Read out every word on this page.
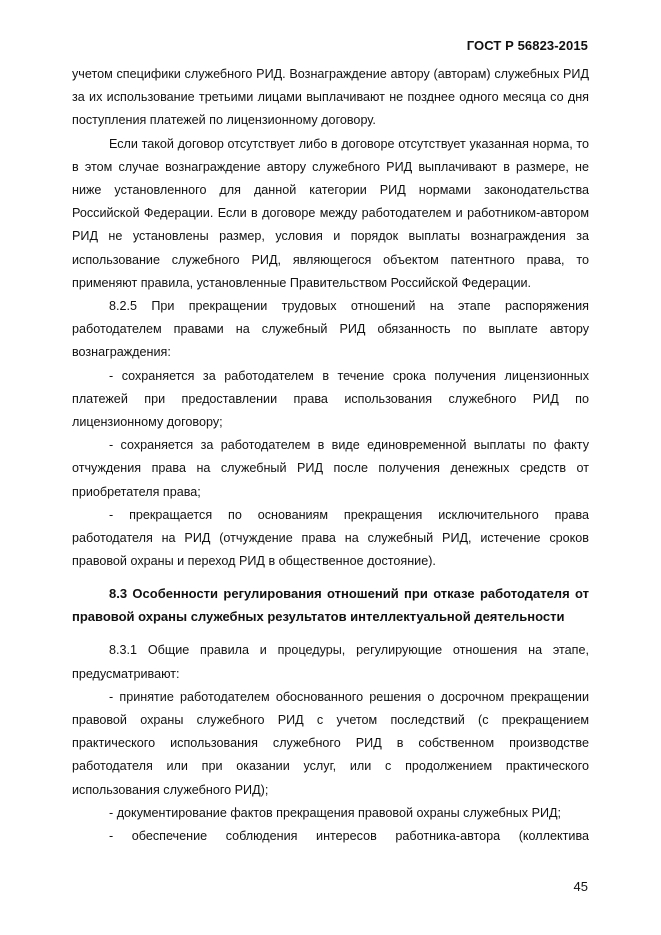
ГОСТ Р 56823-2015

учетом специфики служебного РИД. Вознаграждение автору (авторам) служебных РИД за их использование третьими лицами выплачивают не позднее одного месяца со дня поступления платежей по лицензионному договору.

Если такой договор отсутствует либо в договоре отсутствует указанная норма, то в этом случае вознаграждение автору служебного РИД выплачивают в размере, не ниже установленного для данной категории РИД нормами законодательства Российской Федерации. Если в договоре между работодателем и работником-автором РИД не установлены размер, условия и порядок выплаты вознаграждения за использование служебного РИД, являющегося объектом патентного права, то применяют правила, установленные Правительством Российской Федерации.

8.2.5 При прекращении трудовых отношений на этапе распоряжения работодателем правами на служебный РИД обязанность по выплате автору вознаграждения:

- сохраняется за работодателем в течение срока получения лицензионных платежей при предоставлении права использования служебного РИД по лицензионному договору;

- сохраняется за работодателем в виде единовременной выплаты по факту отчуждения права на служебный РИД после получения денежных средств от приобретателя права;

- прекращается по основаниям прекращения исключительного права работодателя на РИД (отчуждение права на служебный РИД, истечение сроков правовой охраны и переход РИД в общественное достояние).

8.3 Особенности регулирования отношений при отказе работодателя от правовой охраны служебных результатов интеллектуальной деятельности

8.3.1 Общие правила и процедуры, регулирующие отношения на этапе, предусматривают:

- принятие работодателем обоснованного решения о досрочном прекращении правовой охраны служебного РИД с учетом последствий (с прекращением практического использования служебного РИД в собственном производстве работодателя или при оказании услуг, или с продолжением практического использования служебного РИД);

- документирование фактов прекращения правовой охраны служебных РИД;

- обеспечение соблюдения интересов работника-автора (коллектива

45
